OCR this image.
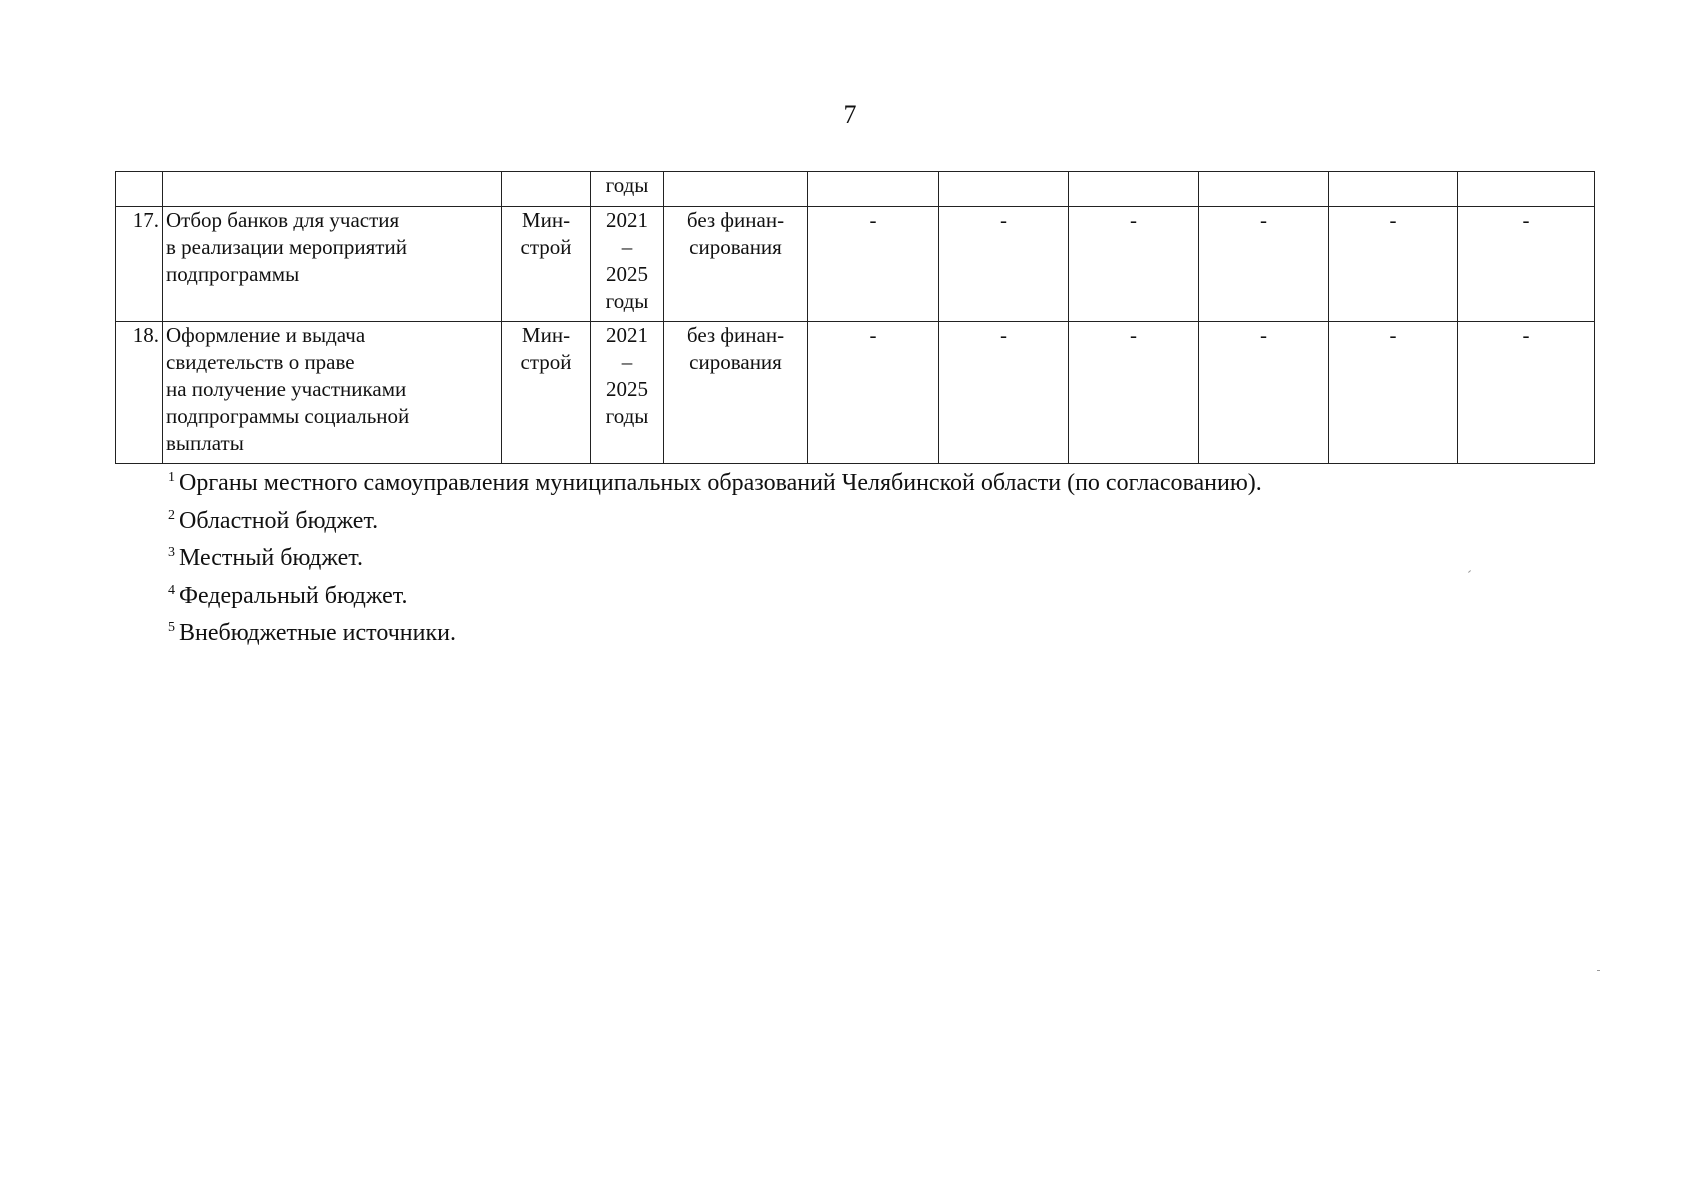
7
			годы							
17.	Отбор банков для участия
в реализации мероприятий
подпрограммы	Мин-
строй	2021
–
2025
годы	без финан-
сирования	-	-	-	-	-	-
18.	Оформление и выдача
свидетельств о праве
на получение участниками
подпрограммы социальной
выплаты	Мин-
строй	2021
–
2025
годы	без финан-
сирования	-	-	-	-	-	-
$^1$ Органы местного самоуправления муниципальных образований Челябинской области (по согласованию).
$^2$ Областной бюджет.
$^3$ Местный бюджет.
$^4$ Федеральный бюджет.
$^5$ Внебюджетные источники.
